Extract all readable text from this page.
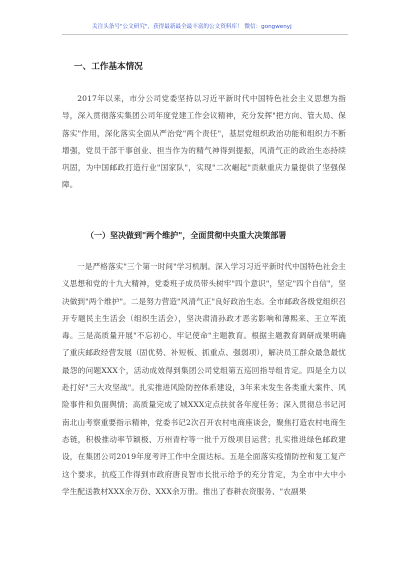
关注头条号"公文研究"，获得最新最全最丰富的公文资料库！ 微信：gongwenyj
一、工作基本情况
2017年以来，市分公司党委坚持以习近平新时代中国特色社会主义思想为指导，深入贯彻落实集团公司年度党建工作会议精神，充分发挥"把方向、管大局、保落实"作用，深化落实全面从严治党"两个责任"，基层党组织政治功能和组织力不断增强，党员干部干事创业、担当作为的精气神得到提振，风清气正的政治生态持续巩固，为中国邮政打造行业"国家队"，实现"二次崛起"贡献重庆力量提供了坚强保障。
（一）坚决做到"两个维护"，全面贯彻中央重大决策部署
一是严格落实"三个第一时间"学习机制。深入学习习近平新时代中国特色社会主义思想和党的十九大精神，党委班子成员带头树牢"四个意识"，坚定"四个自信"，坚决做到"两个维护"。二是努力营造"风清气正"良好政治生态。全市邮政各级党组织召开专题民主生活会（组织生活会），坚决肃清孙政才恶劣影响和薄熙来、王立军流毒。三是高质量开展"不忘初心、牢记使命"主题教育。根据主题教育调研成果明确了重庆邮政经营发展（固优势、补短板、抓重点、强弱项），解决员工群众最急最忧最怨的问题XXX个，活动成效得到集团公司党组第五巡回指导组肯定。四是全力以赴打好"三大攻坚战"。扎实推进风险防控体系建设，3年来未发生各类重大案件、风险事件和负面舆情；高质量完成了城XXX定点扶贫各年度任务；深入贯彻总书记河南北山考察重要指示精神，党委书记2次召开农村电商座谈会，聚焦打造农村电商生态链，积极推动率节颖极、万州青柠等一批千万级项目运营；扎实推进绿色邮政建设，在集团公司2019年度考评工作中全面达标。五是全面落实疫情防控和复工复产这个要求，抗疫工作得到市政府唐良智市长批示给予的充分肯定，为全市中大中小学生配送教材XXX余万份、XXX余万册。推出了春耕农资服务、"农副果
